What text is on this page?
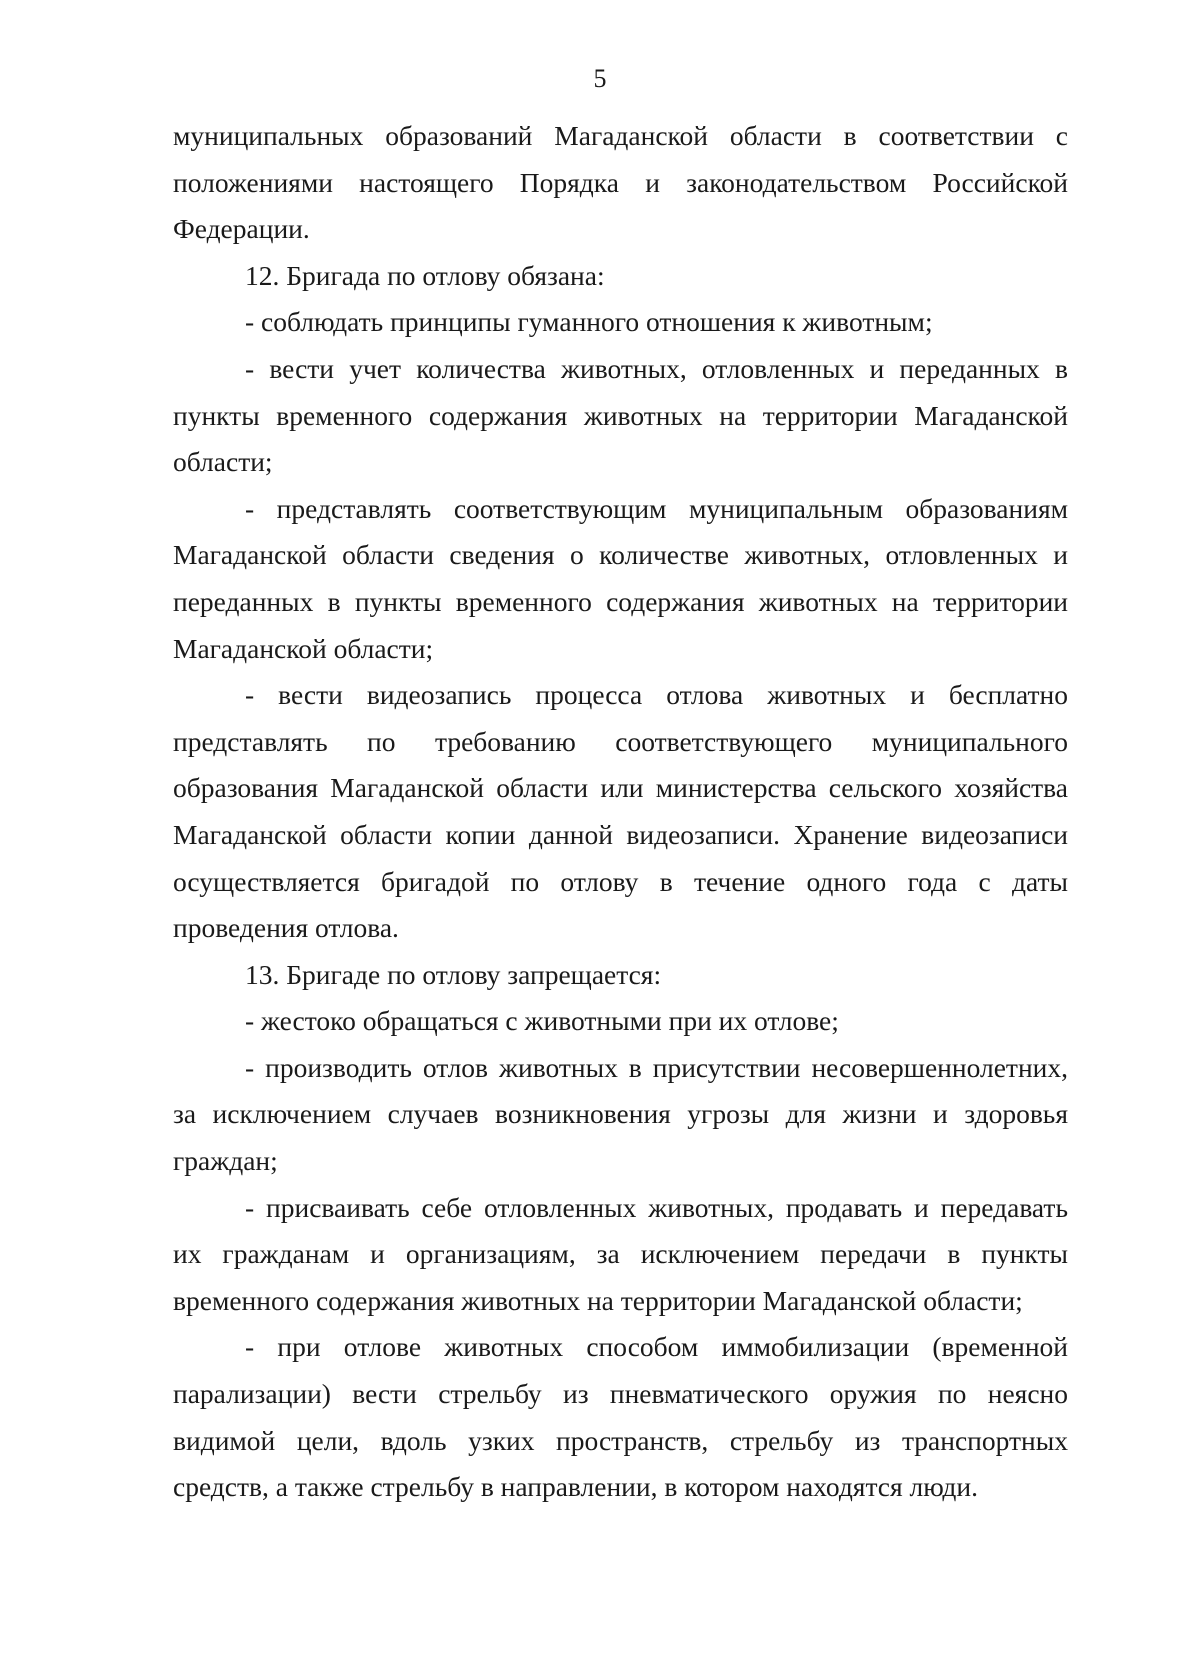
5

муниципальных образований Магаданской области в соответствии с положениями настоящего Порядка и законодательством Российской Федерации.

12. Бригада по отлову обязана:

- соблюдать принципы гуманного отношения к животным;

- вести учет количества животных, отловленных и переданных в пункты временного содержания животных на территории Магаданской области;

- представлять соответствующим муниципальным образованиям Магаданской области сведения о количестве животных, отловленных и переданных в пункты временного содержания животных на территории Магаданской области;

- вести видеозапись процесса отлова животных и бесплатно представлять по требованию соответствующего муниципального образования Магаданской области или министерства сельского хозяйства Магаданской области копии данной видеозаписи. Хранение видеозаписи осуществляется бригадой по отлову в течение одного года с даты проведения отлова.

13. Бригаде по отлову запрещается:

- жестоко обращаться с животными при их отлове;

- производить отлов животных в присутствии несовершеннолетних, за исключением случаев возникновения угрозы для жизни и здоровья граждан;

- присваивать себе отловленных животных, продавать и передавать их гражданам и организациям, за исключением передачи в пункты временного содержания животных на территории Магаданской области;

- при отлове животных способом иммобилизации (временной парализации) вести стрельбу из пневматического оружия по неясно видимой цели, вдоль узких пространств, стрельбу из транспортных средств, а также стрельбу в направлении, в котором находятся люди.
